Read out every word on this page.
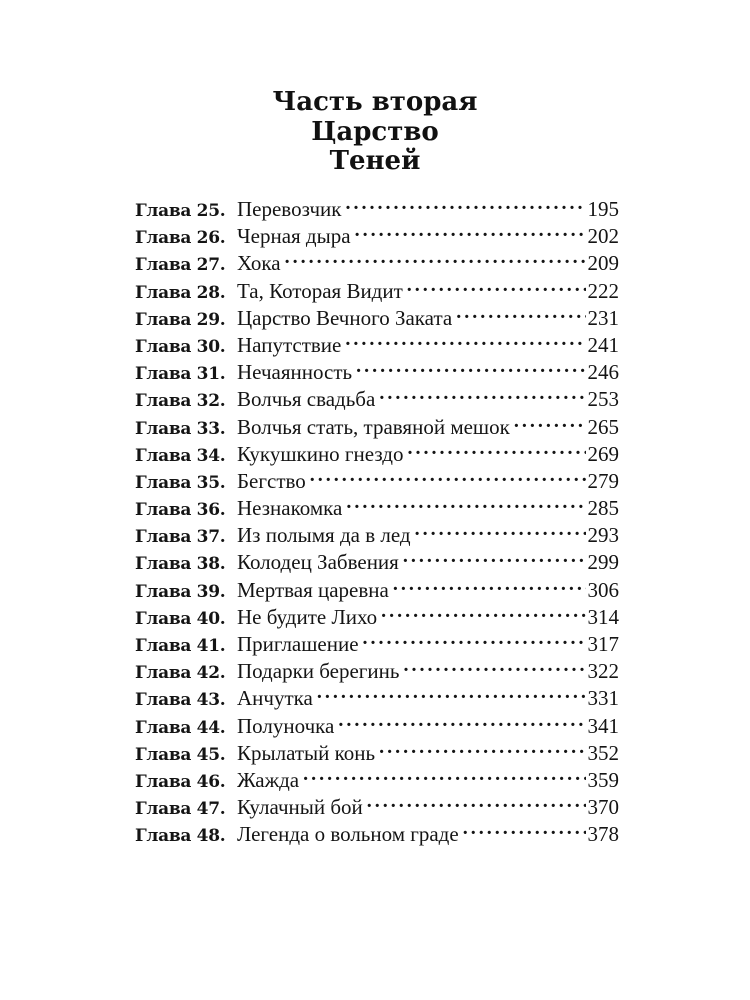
Часть вторая
Царство
Теней
Глава 25. Перевозчик . . .	195
Глава 26. Черная дыра . . .	202
Глава 27. Хока . . .	209
Глава 28. Та, Которая Видит . . .	222
Глава 29. Царство Вечного Заката . . .	231
Глава 30. Напутствие . . .	241
Глава 31. Нечаянность . . .	246
Глава 32. Волчья свадьба . . .	253
Глава 33. Волчья стать, травяной мешок . . .	265
Глава 34. Кукушкино гнездо . . .	269
Глава 35. Бегство . . .	279
Глава 36. Незнакомка . . .	285
Глава 37. Из полымя да в лед . . .	293
Глава 38. Колодец Забвения . . .	299
Глава 39. Мертвая царевна . . .	306
Глава 40. Не будите Лихо . . .	314
Глава 41. Приглашение . . .	317
Глава 42. Подарки берегинь . . .	322
Глава 43. Анчутка . . .	331
Глава 44. Полуночка . . .	341
Глава 45. Крылатый конь . . .	352
Глава 46. Жажда . . .	359
Глава 47. Кулачный бой . . .	370
Глава 48. Легенда о вольном граде . . .	378
